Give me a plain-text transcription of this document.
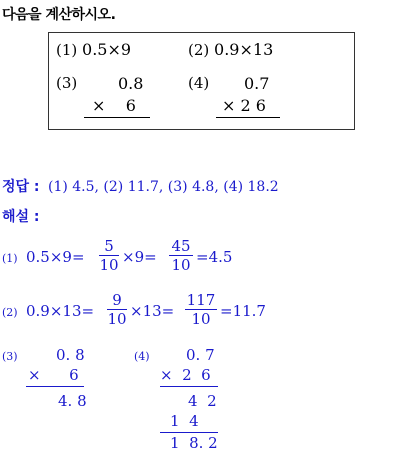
다음을 계산하시오.
(1) 0.5×9	(2) 0.9×13
(3)	0.8
×    6
(4) 0.7
× 2 6
정답 : (1) 4.5, (2) 11.7, (3) 4.8, (4) 18.2
해설 :
(1) 0.5×9=
5
10 ×9=
45
10 =4.5
(2) 0.9×13=
9
10 ×13=
117
10 =11.7
(3)	0. 8
×      6
4. 8
(4) 0. 7
×  2  6
4  2
1  4
1  8. 2
